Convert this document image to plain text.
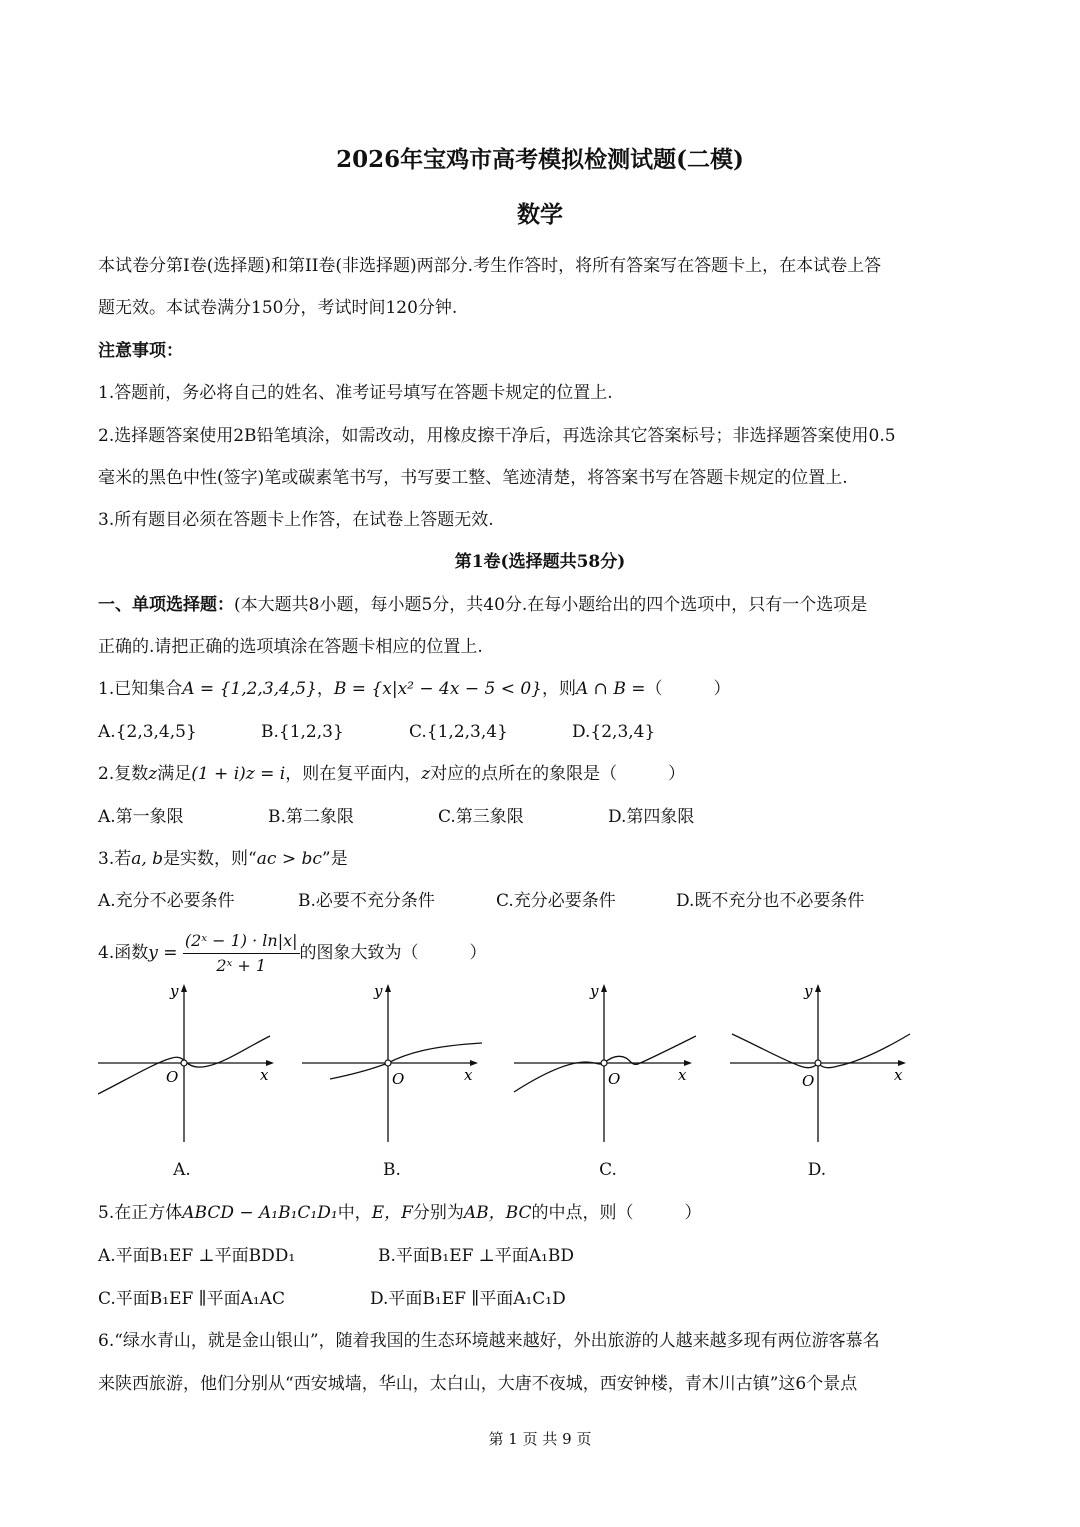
2026年宝鸡市高考模拟检测试题(二模)
数学
本试卷分第I卷(选择题)和第II卷(非选择题)两部分.考生作答时，将所有答案写在答题卡上，在本试卷上答
题无效。本试卷满分150分，考试时间120分钟.
注意事项：
1.答题前，务必将自己的姓名、准考证号填写在答题卡规定的位置上.
2.选择题答案使用2B铅笔填涂，如需改动，用橡皮擦干净后，再选涂其它答案标号；非选择题答案使用0.5
毫米的黑色中性(签字)笔或碳素笔书写，书写要工整、笔迹清楚，将答案书写在答题卡规定的位置上.
3.所有题目必须在答题卡上作答，在试卷上答题无效.
第1卷(选择题共58分)
一、单项选择题：(本大题共8小题，每小题5分，共40分.在每小题给出的四个选项中，只有一个选项是
正确的.请把正确的选项填涂在答题卡相应的位置上.
1.已知集合A = {1,2,3,4,5}，B = {x|x² − 4x − 5 < 0}，则A ∩ B =（　　　）
A.{2,3,4,5}	B.{1,2,3}	C.{1,2,3,4}	D.{2,3,4}
2.复数z满足(1 + i)z = i，则在复平面内，z对应的点所在的象限是（　　　）
A.第一象限	B.第二象限	C.第三象限	D.第四象限
3.若a, b是实数，则“ac > bc”是
A.充分不必要条件	B.必要不充分条件	C.充分必要条件	D.既不充分也不必要条件
4.函数$y = \frac{\text{(2ˣ − 1) · ln|x|}}{\text{2ˣ + 1}}$ 的图象大致为（　　　）
y
x
O
y
x
O
y
x
O
y
x
O
A.	B.	C.	D.
5.在正方体ABCD − A₁B₁C₁D₁中，E，F分别为AB，BC的中点，则（　　　）
A.平面B₁EF ⊥平面BDD₁	B.平面B₁EF ⊥平面A₁BD
C.平面B₁EF ∥平面A₁AC	D.平面B₁EF ∥平面A₁C₁D
6.“绿水青山，就是金山银山”，随着我国的生态环境越来越好，外出旅游的人越来越多现有两位游客慕名
来陕西旅游，他们分别从“西安城墙，华山，太白山，大唐不夜城，西安钟楼，青木川古镇”这6个景点
第 1 页 共 9 页
